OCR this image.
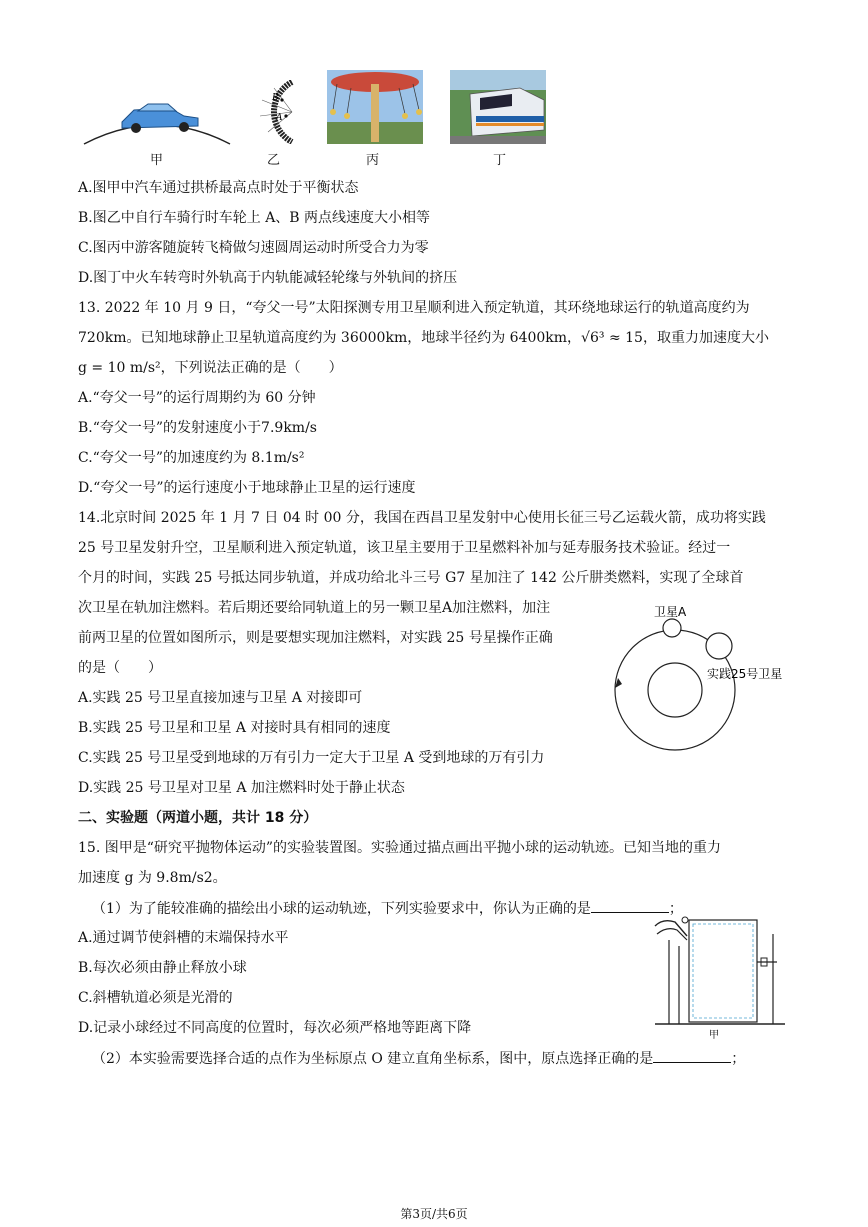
B
A
甲	乙	丙	丁
A.图甲中汽车通过拱桥最高点时处于平衡状态
B.图乙中自行车骑行时车轮上 A、B 两点线速度大小相等
C.图丙中游客随旋转飞椅做匀速圆周运动时所受合力为零
D.图丁中火车转弯时外轨高于内轨能减轻轮缘与外轨间的挤压
13. 2022 年 10 月 9 日，“夸父一号”太阳探测专用卫星顺利进入预定轨道，其环绕地球运行的轨道高度约为
720km。已知地球静止卫星轨道高度约为 36000km，地球半径约为 6400km，√6³ ≈ 15，取重力加速度大小
g = 10 m/s²，下列说法正确的是（　　）
A.“夸父一号”的运行周期约为 60 分钟
B.“夸父一号”的发射速度小于7.9km/s
C.“夸父一号”的加速度约为 8.1m/s²
D.“夸父一号”的运行速度小于地球静止卫星的运行速度
14.北京时间 2025 年 1 月 7 日 04 时 00 分，我国在西昌卫星发射中心使用长征三号乙运载火箭，成功将实践
25 号卫星发射升空，卫星顺利进入预定轨道，该卫星主要用于卫星燃料补加与延寿服务技术验证。经过一
个月的时间，实践 25 号抵达同步轨道，并成功给北斗三号 G7 星加注了 142 公斤肼类燃料，实现了全球首
次卫星在轨加注燃料。若后期还要给同轨道上的另一颗卫星A加注燃料，加注
前两卫星的位置如图所示，则是要想实现加注燃料，对实践 25 号星操作正确
的是（　　）
卫星A
实践25号卫星
A.实践 25 号卫星直接加速与卫星 A 对接即可
B.实践 25 号卫星和卫星 A 对接时具有相同的速度
C.实践 25 号卫星受到地球的万有引力一定大于卫星 A 受到地球的万有引力
D.实践 25 号卫星对卫星 A 加注燃料时处于静止状态
二、实验题（两道小题，共计 18 分）
15. 图甲是“研究平抛物体运动”的实验装置图。实验通过描点画出平抛小球的运动轨迹。已知当地的重力
加速度 g 为 9.8m/s2。
（1）为了能较准确的描绘出小球的运动轨迹，下列实验要求中，你认为正确的是	；
A.通过调节使斜槽的末端保持水平
B.每次必须由静止释放小球
C.斜槽轨道必须是光滑的
D.记录小球经过不同高度的位置时，每次必须严格地等距离下降	甲
（2）本实验需要选择合适的点作为坐标原点 O 建立直角坐标系，图中，原点选择正确的是	；
第3页/共6页
